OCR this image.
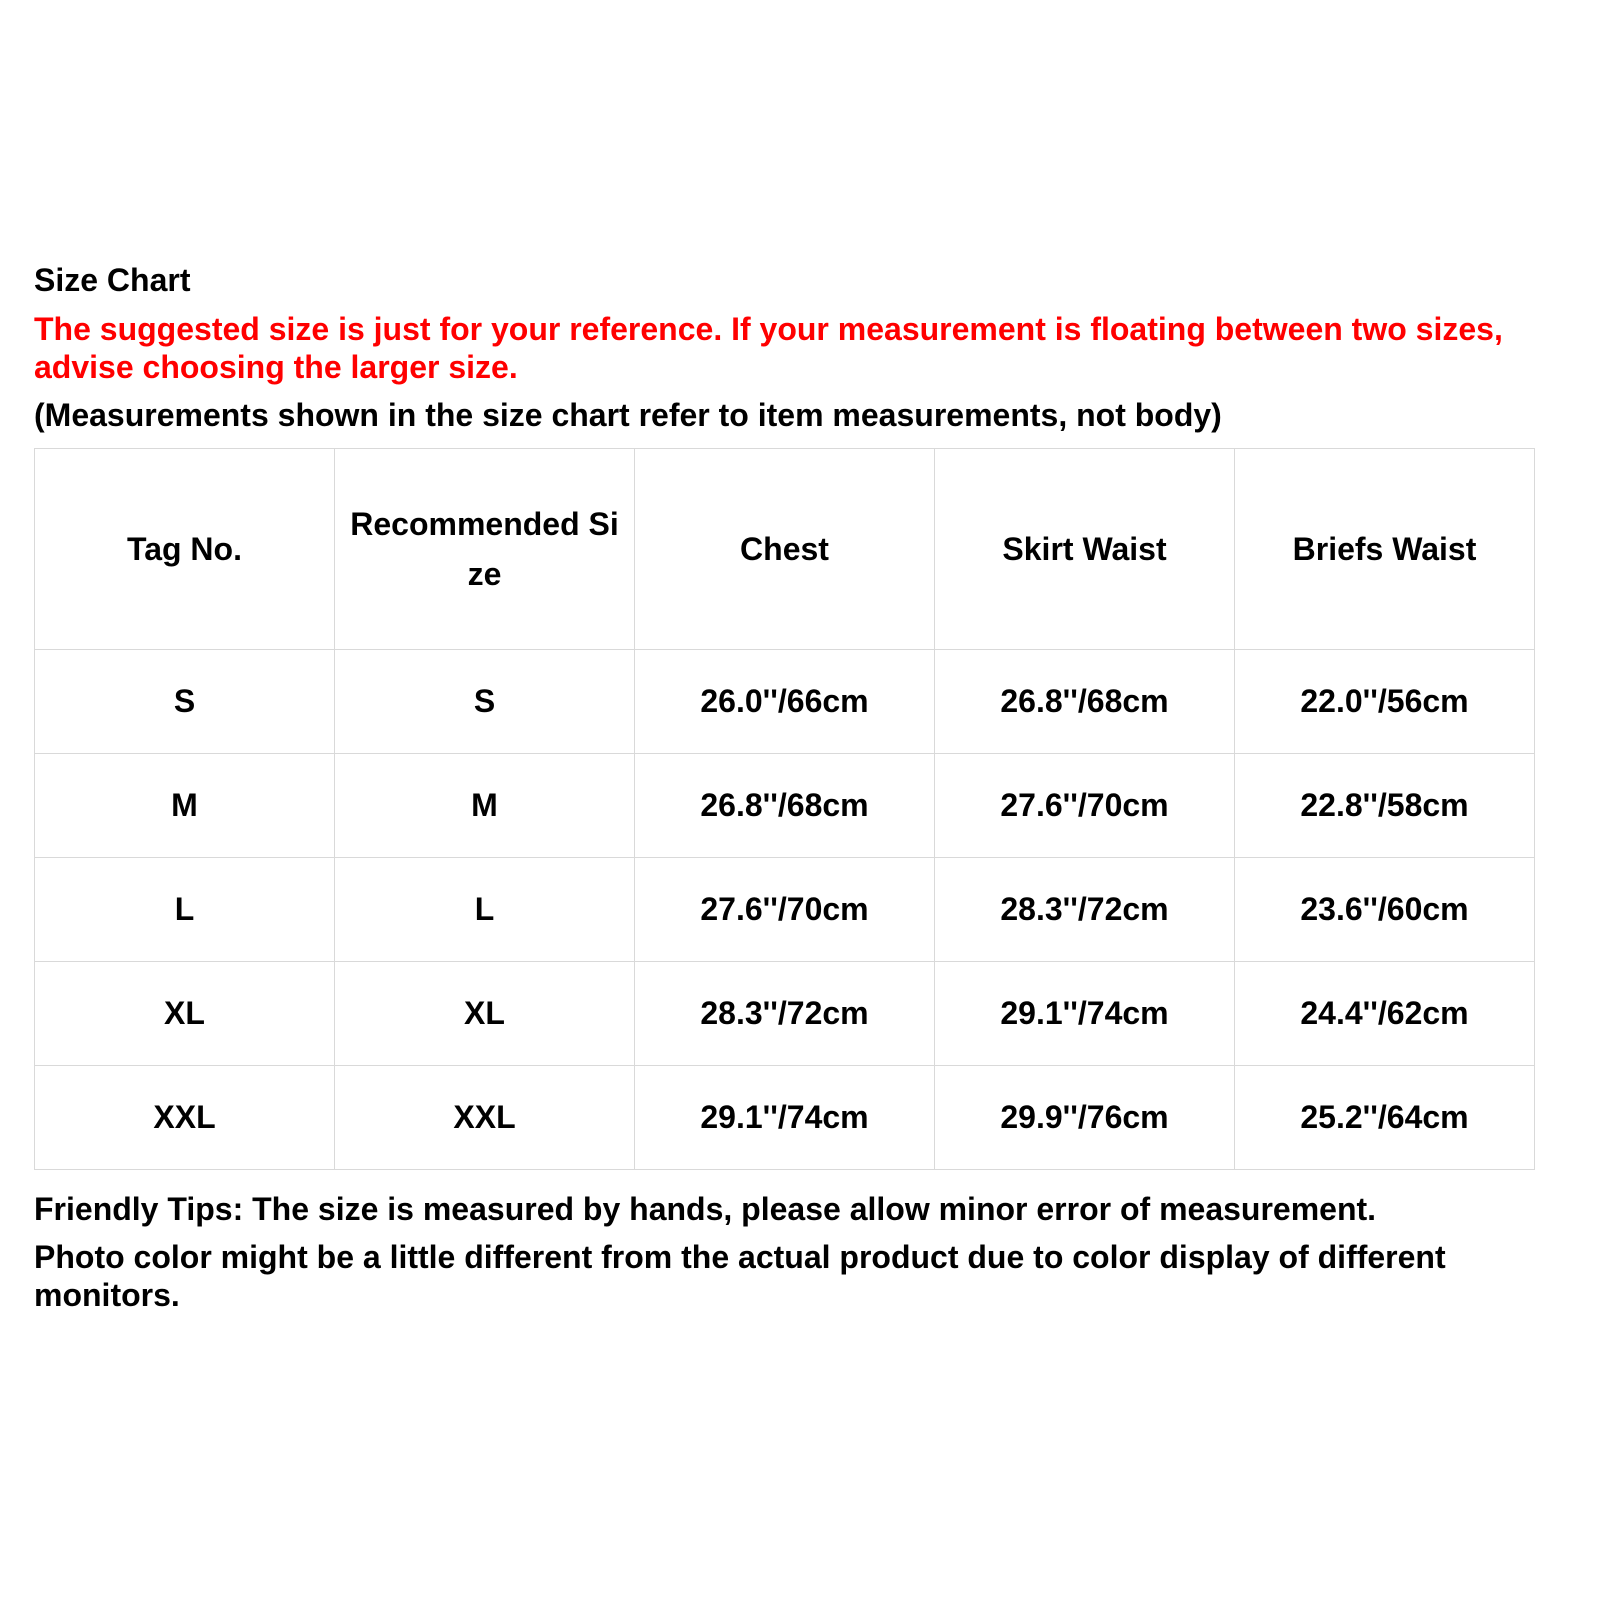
Size Chart

The suggested size is just for your reference. If your measurement is floating between two sizes, advise choosing the larger size.

(Measurements shown in the size chart refer to item measurements, not body)

Tag No.	Recommended Size	Chest	Skirt Waist	Briefs Waist
S	S	26.0''/66cm	26.8''/68cm	22.0''/56cm
M	M	26.8''/68cm	27.6''/70cm	22.8''/58cm
L	L	27.6''/70cm	28.3''/72cm	23.6''/60cm
XL	XL	28.3''/72cm	29.1''/74cm	24.4''/62cm
XXL	XXL	29.1''/74cm	29.9''/76cm	25.2''/64cm

Friendly Tips: The size is measured by hands, please allow minor error of measurement.

Photo color might be a little different from the actual product due to color display of different monitors.
